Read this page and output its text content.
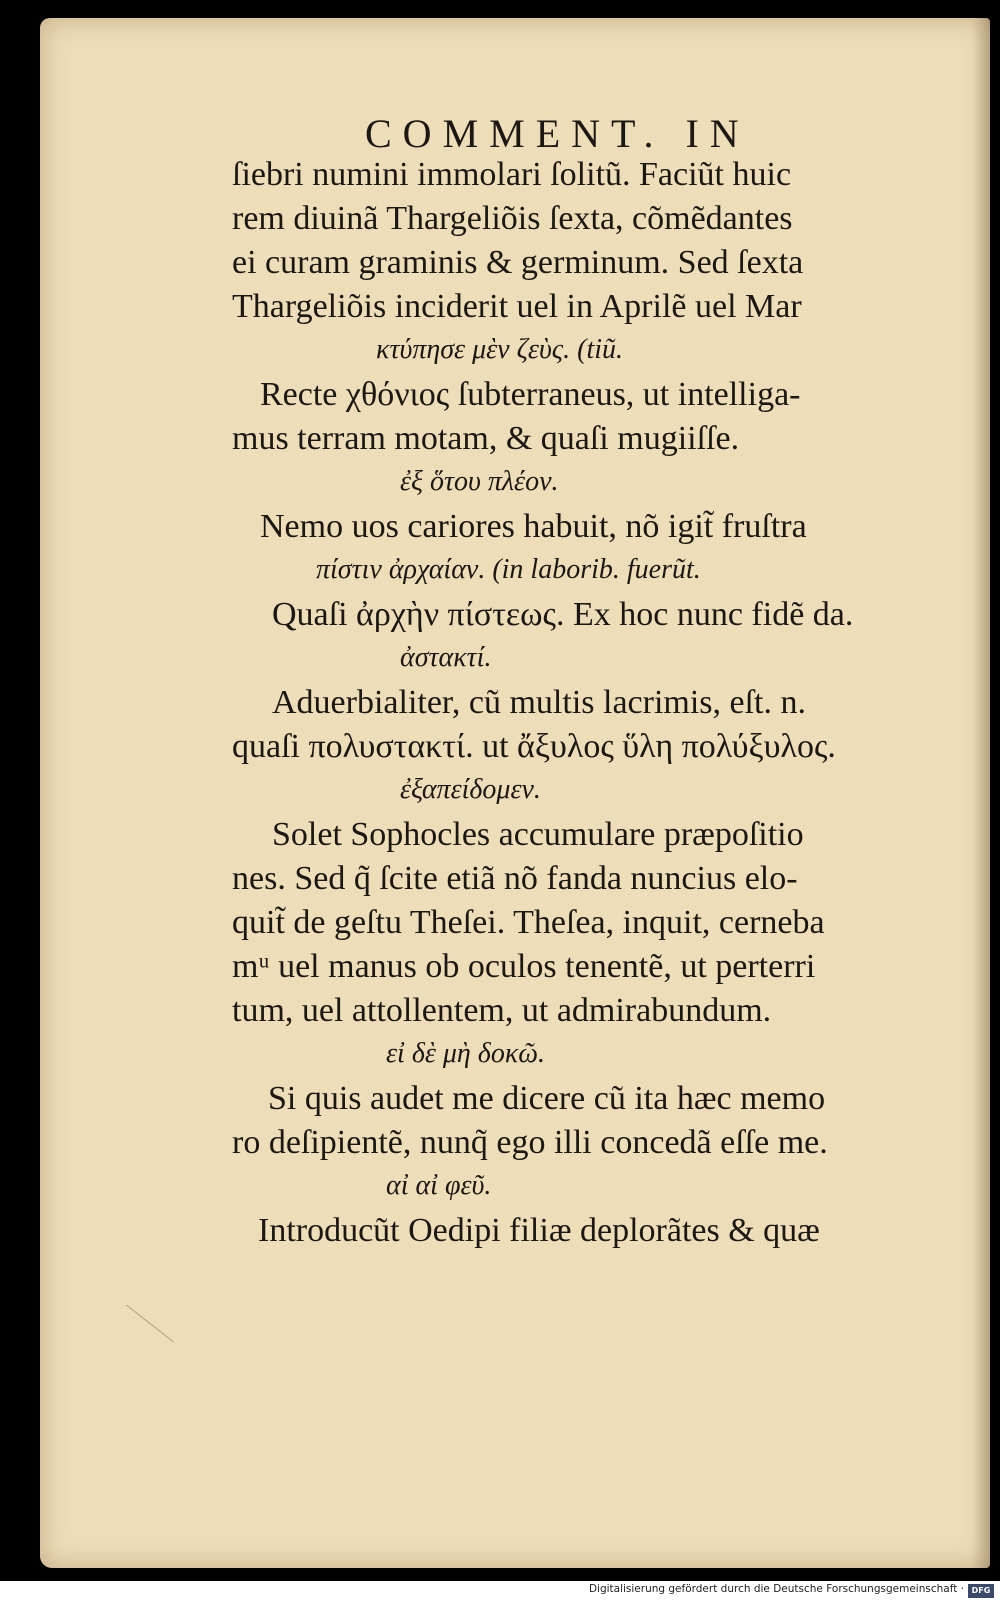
COMMENT. IN
ſiebri numini immolari ſolitũ. Faciũt huic
rem diuinã Thargeliõis ſexta, cõmẽdantes
ei curam graminis & germinum. Sed ſexta
Thargeliõis inciderit uel in Aprilẽ uel Mar
κτύπησε μὲν ζεὺς. (tiũ.
Recte χθόνιος ſubterraneus, ut intelliga-
mus terram motam, & quaſi mugiiſſe.
ἐξ ὅτου πλέον.
Nemo uos cariores habuit, nõ igit̃ fruſtra
πίστιν ἀρχαίαν. (in laborib. fuerũt.
Quaſi ἀρχὴν πίστεως. Ex hoc nunc fidẽ da.
ἀστακτί.
Aduerbialiter, cũ multis lacrimis, eſt. n.
quaſi πολυστακτί. ut ἄξυλος ὕλη πολύξυλος.
ἐξαπείδομεν.
Solet Sophocles accumulare præpoſitio
nes. Sed q̃ ſcite etiã nõ fanda nuncius elo-
quit̃ de geſtu Theſei. Theſea, inquit, cerneba
mᵘ uel manus ob oculos tenentẽ, ut perterri
tum, uel attollentem, ut admirabundum.
εἰ δὲ μὴ δοκῶ.
Si quis audet me dicere cũ ita hæc memo
ro deſipientẽ, nunq̃ ego illi concedã eſſe me.
αἰ αἰ φεῦ.
Introducũt Oedipi filiæ deplorãtes & quæ
Digitalisierung gefördert durch die Deutsche Forschungsgemeinschaft · DFG
